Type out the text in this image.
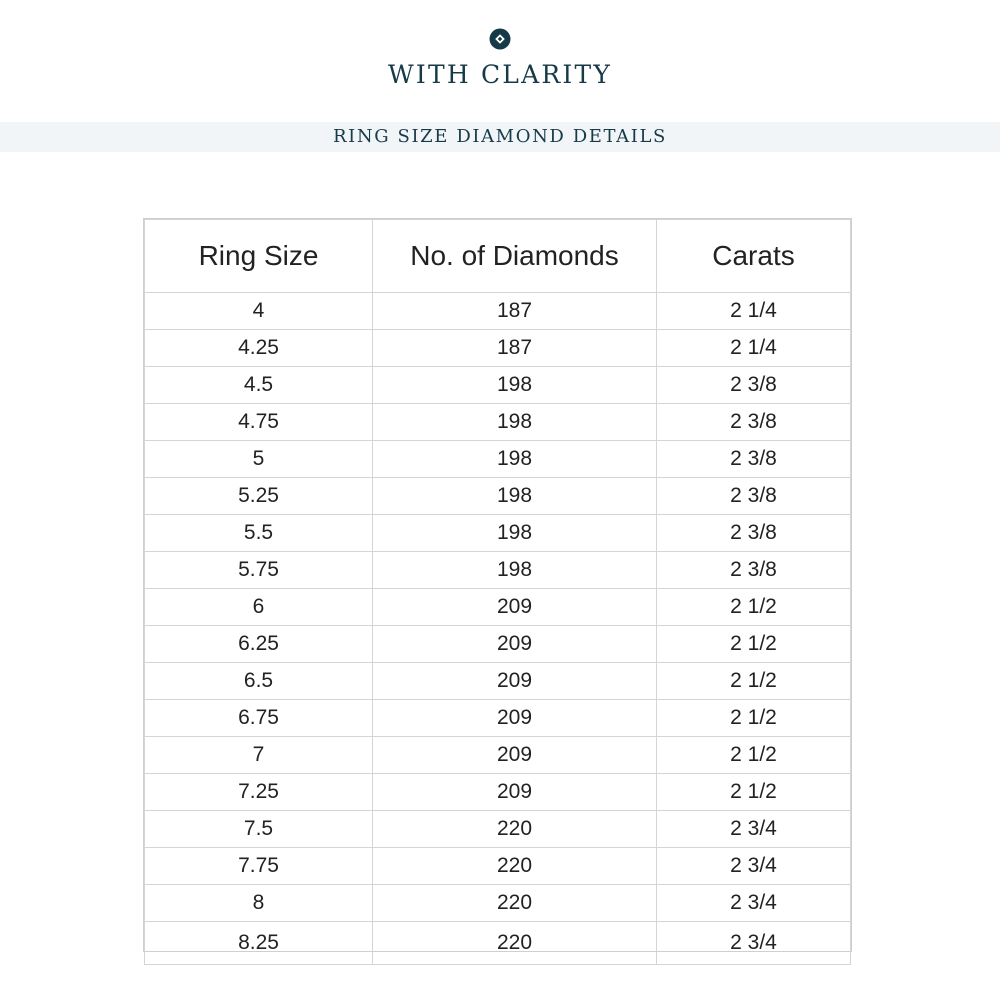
WITH CLARITY
RING SIZE DIAMOND DETAILS
Ring Size	No. of Diamonds	Carats
4	187	2 1/4
4.25	187	2 1/4
4.5	198	2 3/8
4.75	198	2 3/8
5	198	2 3/8
5.25	198	2 3/8
5.5	198	2 3/8
5.75	198	2 3/8
6	209	2 1/2
6.25	209	2 1/2
6.5	209	2 1/2
6.75	209	2 1/2
7	209	2 1/2
7.25	209	2 1/2
7.5	220	2 3/4
7.75	220	2 3/4
8	220	2 3/4
8.25	220	2 3/4
